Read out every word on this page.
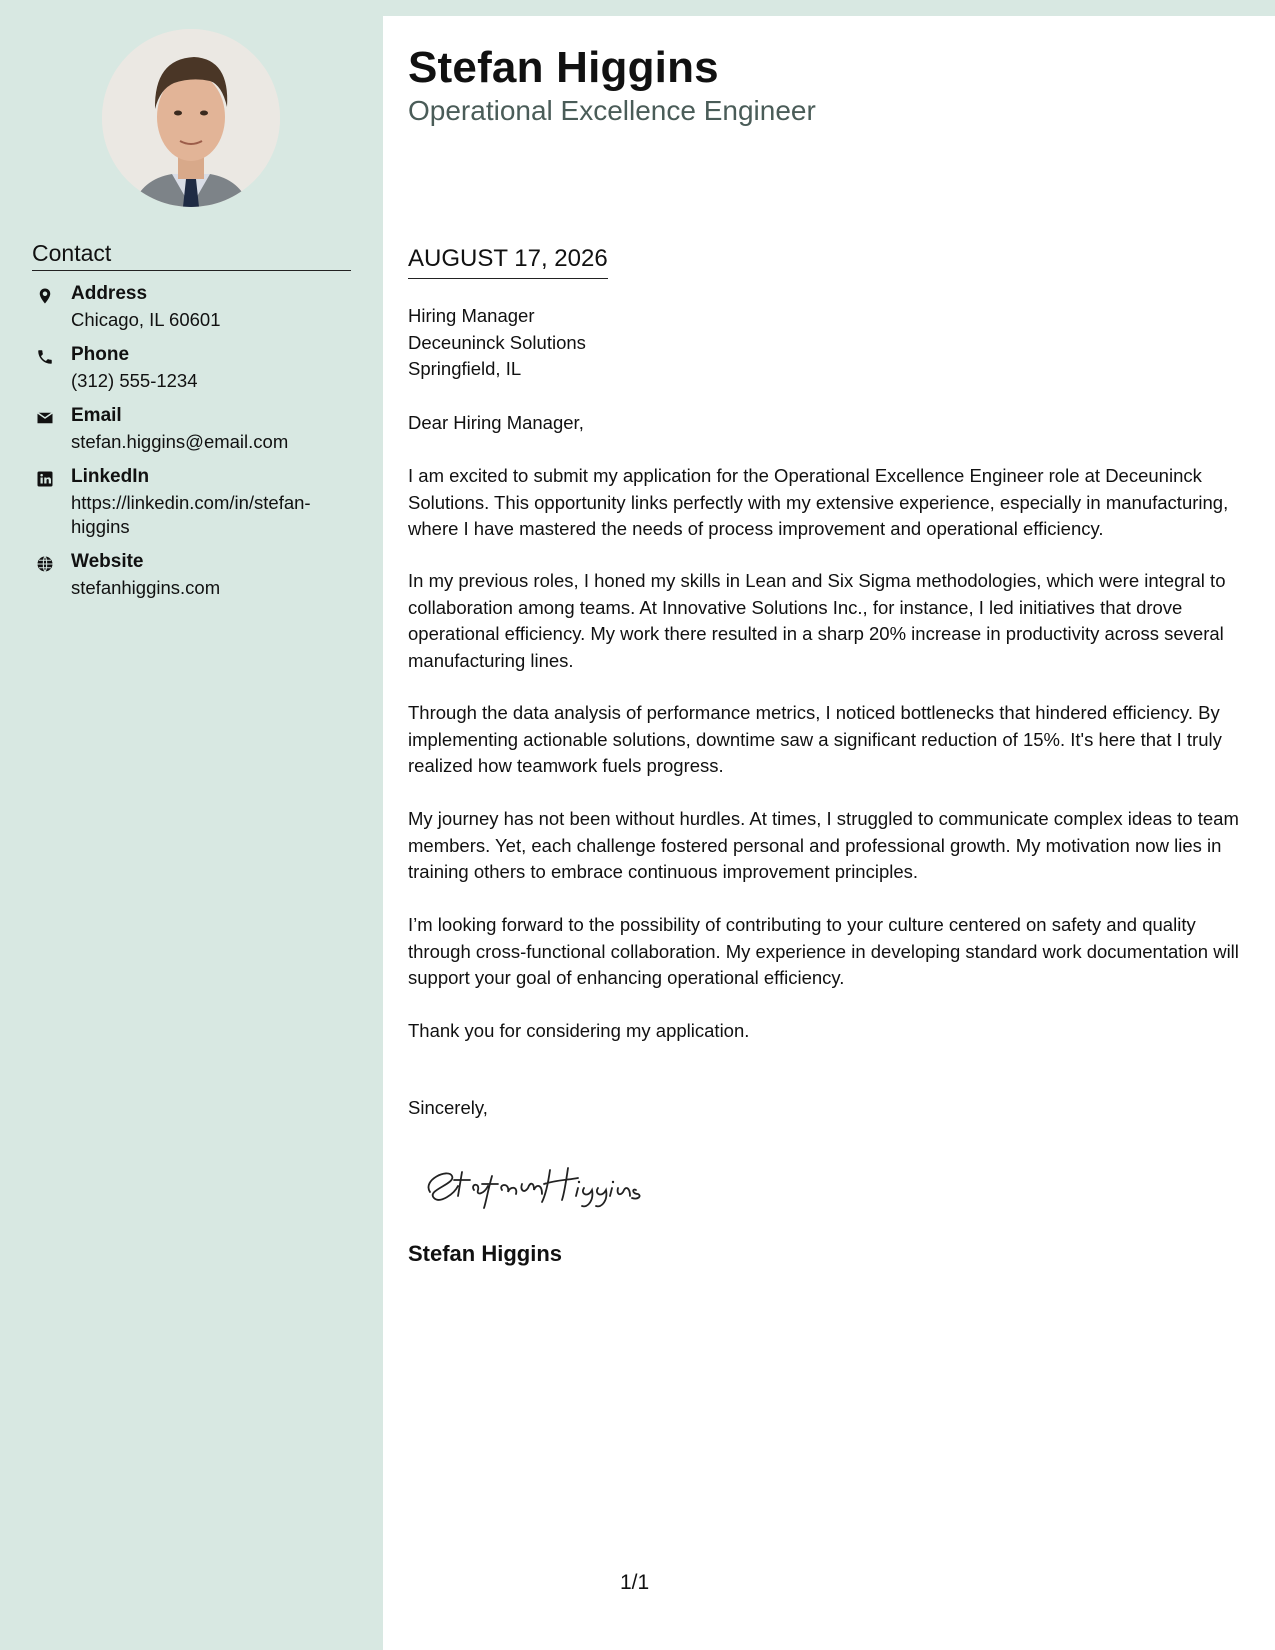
Contact
Address
Chicago, IL 60601
Phone
(312) 555-1234
Email
stefan.higgins@email.com
LinkedIn
https://linkedin.com/in/stefan-higgins
Website
stefanhiggins.com
Stefan Higgins
Operational Excellence Engineer
AUGUST 17, 2026
Hiring Manager
Deceuninck Solutions
Springfield, IL
Dear Hiring Manager,
I am excited to submit my application for the Operational Excellence Engineer role at Deceuninck Solutions. This opportunity links perfectly with my extensive experience, especially in manufacturing, where I have mastered the needs of process improvement and operational efficiency.
In my previous roles, I honed my skills in Lean and Six Sigma methodologies, which were integral to collaboration among teams. At Innovative Solutions Inc., for instance, I led initiatives that drove operational efficiency. My work there resulted in a sharp 20% increase in productivity across several manufacturing lines.
Through the data analysis of performance metrics, I noticed bottlenecks that hindered efficiency. By implementing actionable solutions, downtime saw a significant reduction of 15%. It's here that I truly realized how teamwork fuels progress.
My journey has not been without hurdles. At times, I struggled to communicate complex ideas to team members. Yet, each challenge fostered personal and professional growth. My motivation now lies in training others to embrace continuous improvement principles.
I’m looking forward to the possibility of contributing to your culture centered on safety and quality through cross-functional collaboration. My experience in developing standard work documentation will support your goal of enhancing operational efficiency.
Thank you for considering my application.
Sincerely,
Stefan Higgins
1/1
